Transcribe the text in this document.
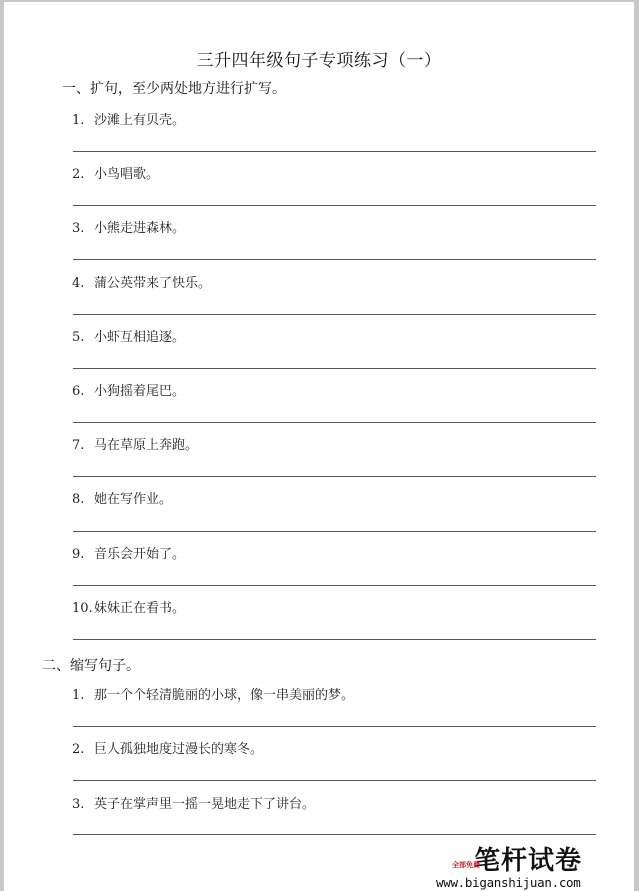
三升四年级句子专项练习（一）
一、扩句，至少两处地方进行扩写。
1. 沙滩上有贝壳。
2. 小鸟唱歌。
3. 小熊走进森林。
4. 蒲公英带来了快乐。
5. 小虾互相追逐。
6. 小狗摇着尾巴。
7. 马在草原上奔跑。
8. 她在写作业。
9. 音乐会开始了。
10.妹妹正在看书。
二、缩写句子。
1. 那一个个轻清脆丽的小球，像一串美丽的梦。
2. 巨人孤独地度过漫长的寒冬。
3. 英子在掌声里一摇一晃地走下了讲台。
笔杆试卷
全部免费
www.biganshijuan.com
